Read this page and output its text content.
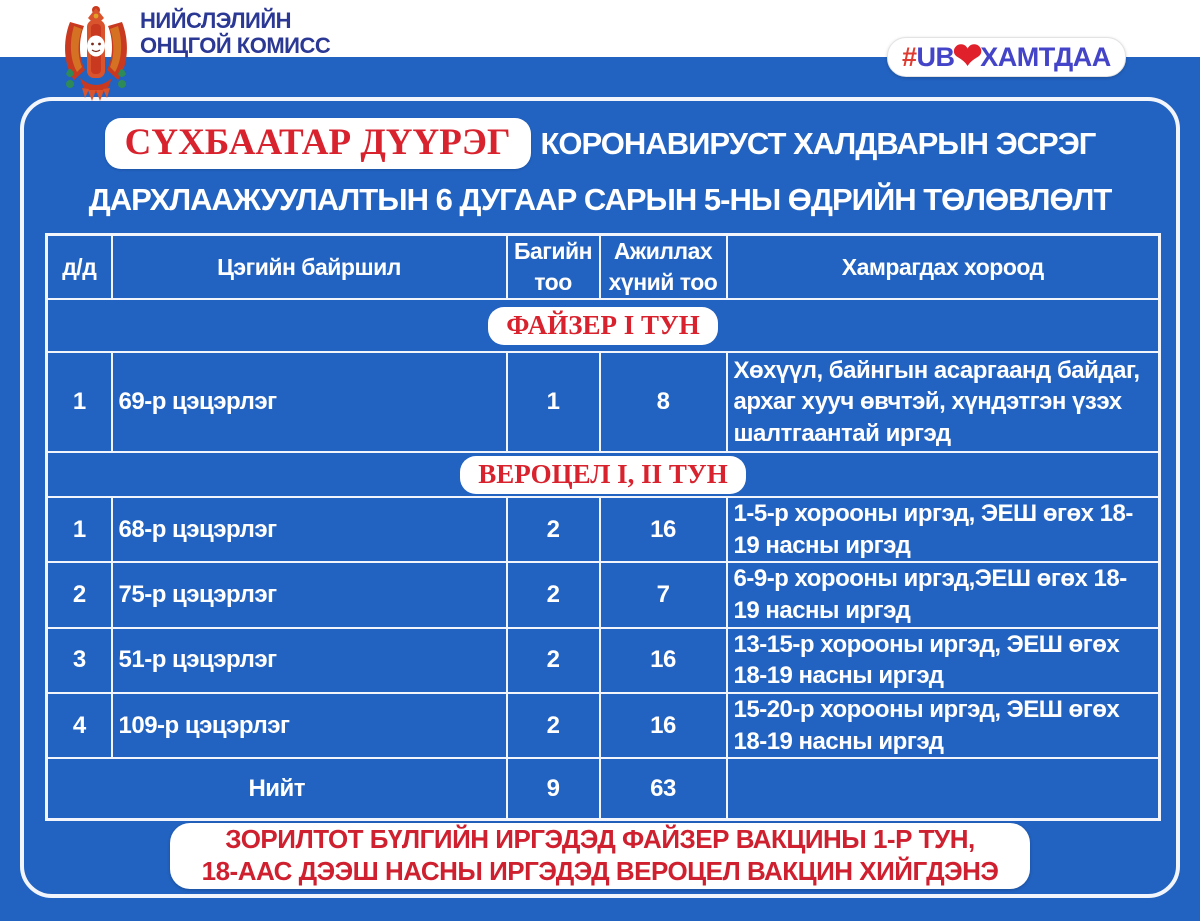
НИЙСЛЭЛИЙН
ОНЦГОЙ КОМИСС	# UB
❤
ХАМТДАА
СҮХБААТАР ДҮҮРЭГ КОРОНАВИРУСТ ХАЛДВАРЫН ЭСРЭГ
ДАРХЛААЖУУЛАЛТЫН 6 ДУГААР САРЫН 5-НЫ ӨДРИЙН ТӨЛӨВЛӨЛТ
д/д	Цэгийн байршил	Багийн тоо	Ажиллах хүний тоо	Хамрагдах хороод
ФАЙЗЕР I ТУН				
1	69-р цэцэрлэг	1	8	Хөхүүл, байнгын асаргаанд байдаг, архаг хууч өвчтэй, хүндэтгэн үзэх шалтгаантай иргэд
ВЕРОЦЕЛ I, II ТУН				
1	68-р цэцэрлэг	2	16	1-5-р хорооны иргэд, ЭЕШ өгөх 18-19 насны иргэд
2	75-р цэцэрлэг	2	7	6-9-р хорооны иргэд,ЭЕШ өгөх 18-19 насны иргэд
3	51-р цэцэрлэг	2	16	13-15-р хорооны иргэд, ЭЕШ өгөх 18-19 насны иргэд
4	109-р цэцэрлэг	2	16	15-20-р хорооны иргэд, ЭЕШ өгөх 18-19 насны иргэд
Нийт		9	63	
ЗОРИЛТОТ БҮЛГИЙН ИРГЭДЭД ФАЙЗЕР ВАКЦИНЫ 1-Р ТУН,
18-ААС ДЭЭШ НАСНЫ ИРГЭДЭД ВЕРОЦЕЛ ВАКЦИН ХИЙГДЭНЭ
